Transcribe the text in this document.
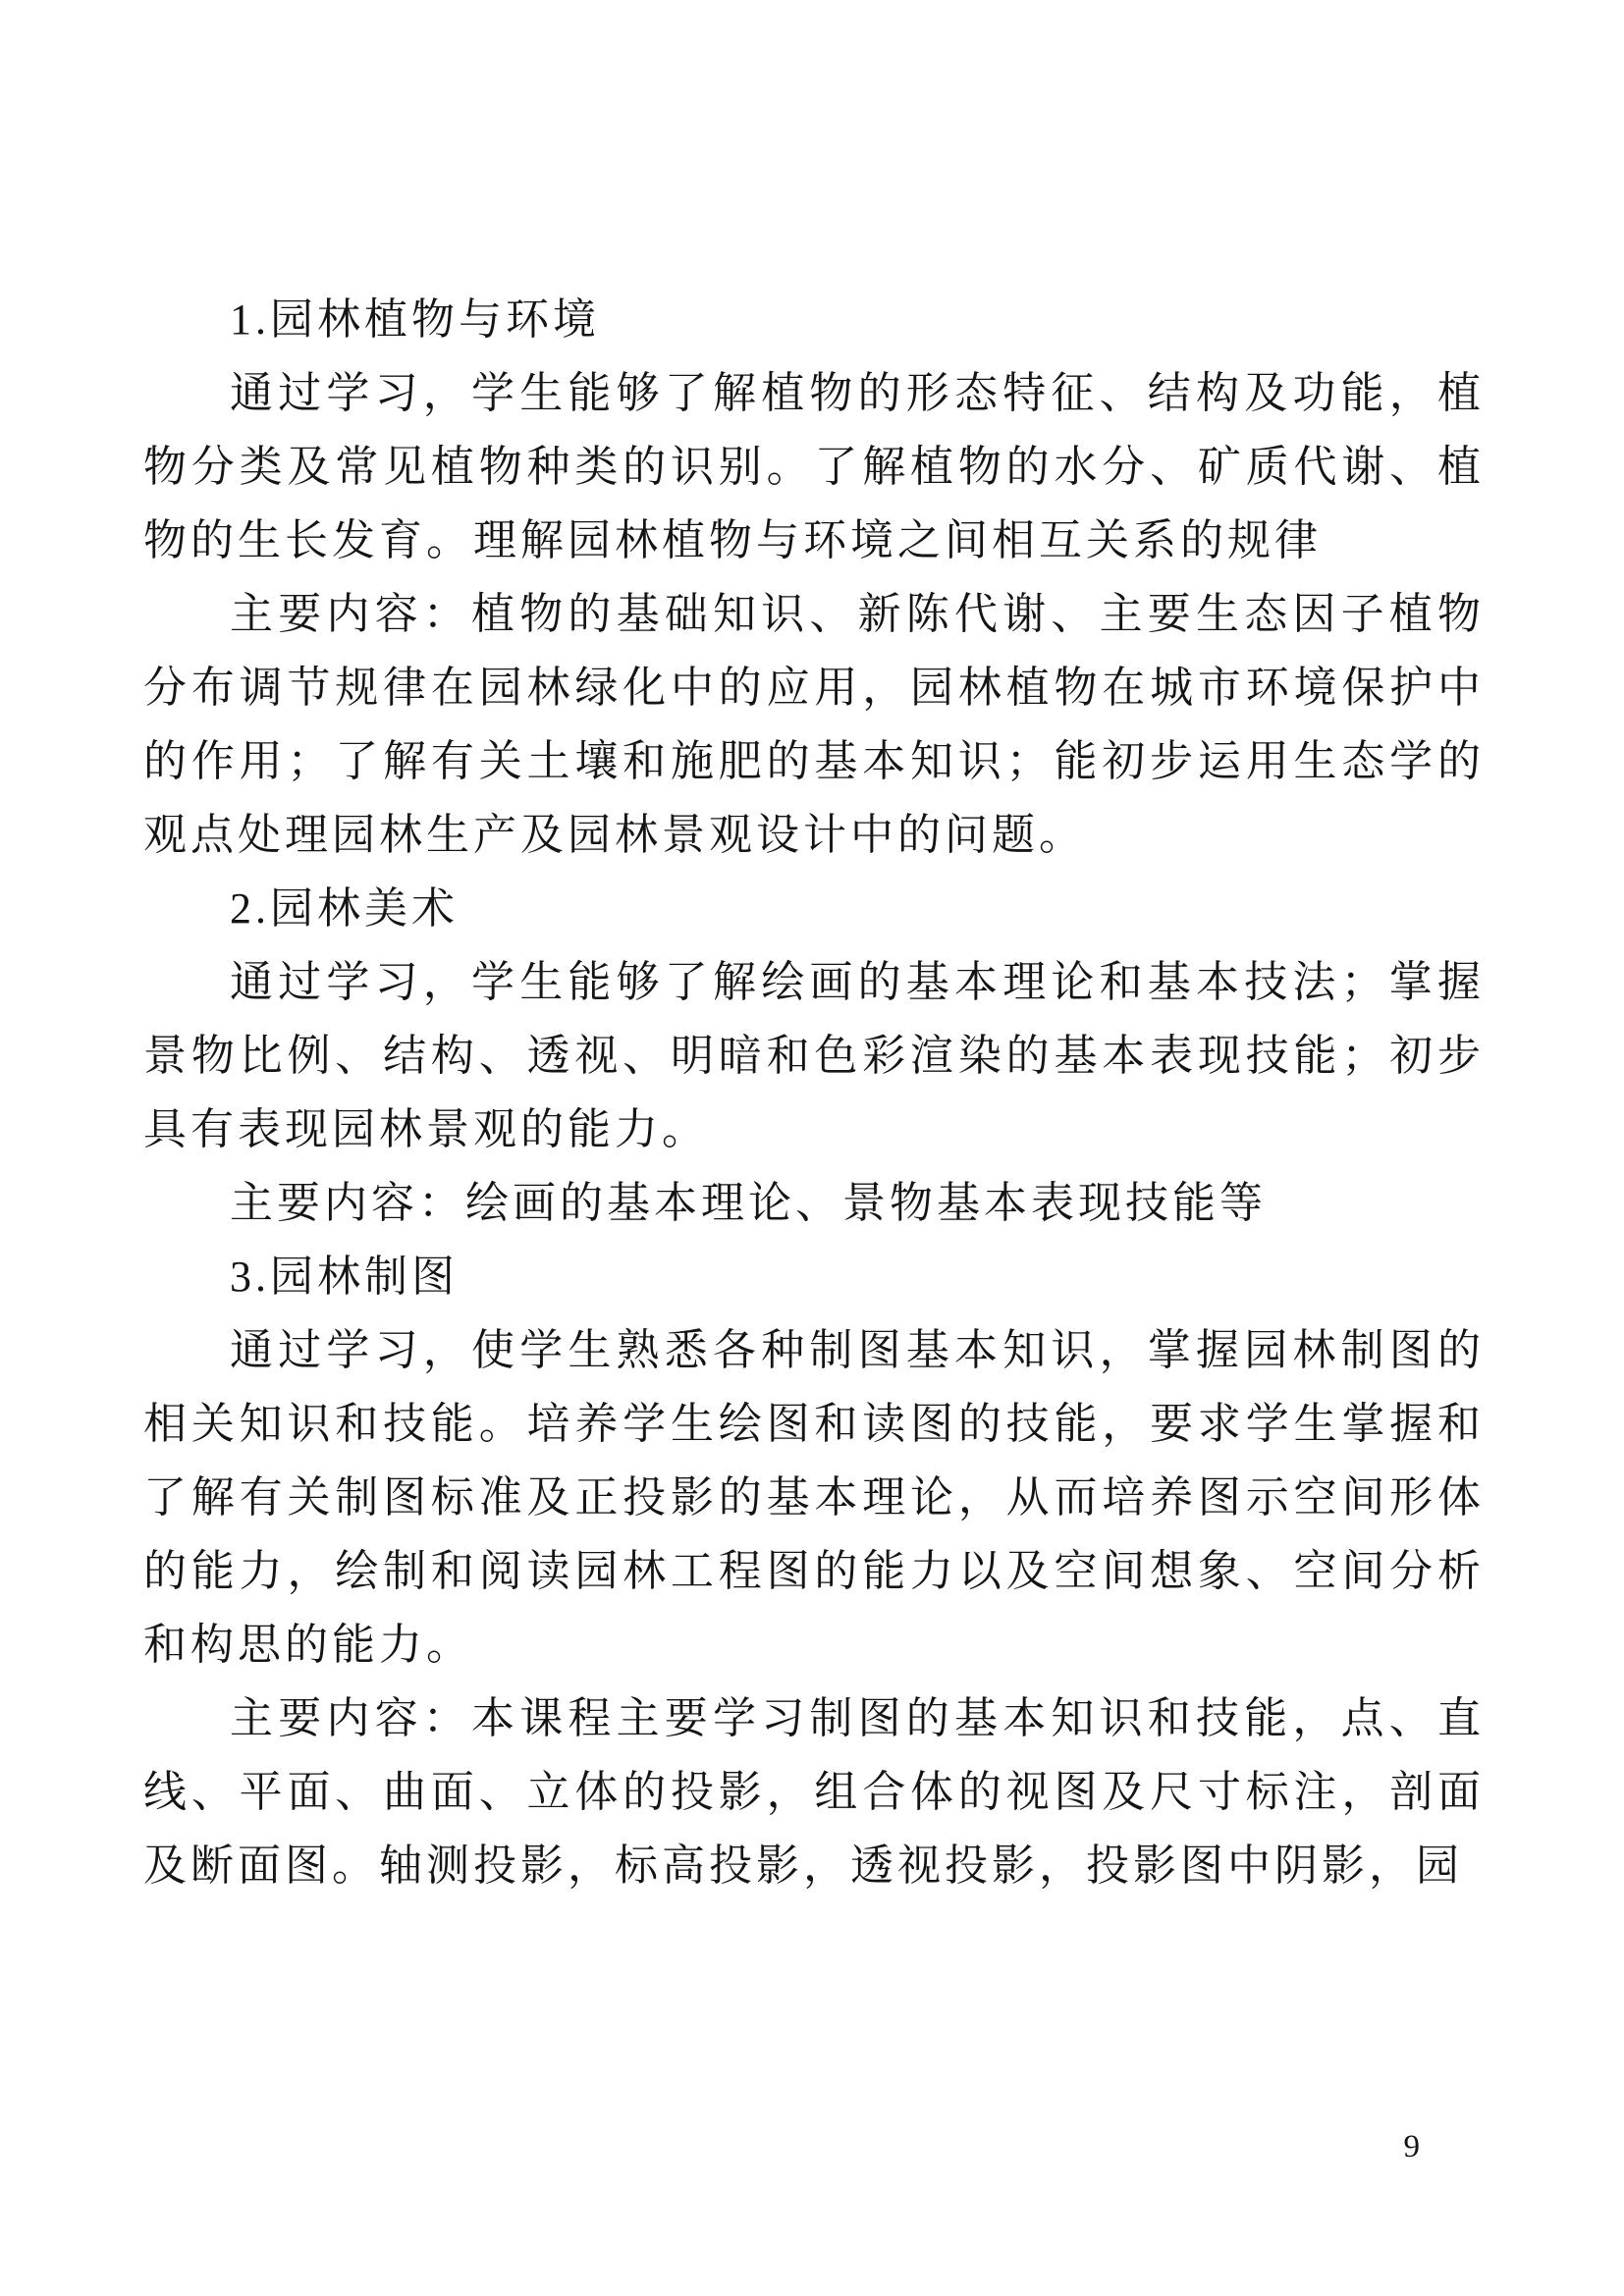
1.园林植物与环境

通过学习，学生能够了解植物的形态特征、结构及功能，植物分类及常见植物种类的识别。了解植物的水分、矿质代谢、植物的生长发育。理解园林植物与环境之间相互关系的规律

主要内容：植物的基础知识、新陈代谢、主要生态因子植物分布调节规律在园林绿化中的应用，园林植物在城市环境保护中的作用；了解有关土壤和施肥的基本知识；能初步运用生态学的观点处理园林生产及园林景观设计中的问题。

2.园林美术

通过学习，学生能够了解绘画的基本理论和基本技法；掌握景物比例、结构、透视、明暗和色彩渲染的基本表现技能；初步具有表现园林景观的能力。

主要内容：绘画的基本理论、景物基本表现技能等

3.园林制图

通过学习，使学生熟悉各种制图基本知识，掌握园林制图的相关知识和技能。培养学生绘图和读图的技能，要求学生掌握和了解有关制图标准及正投影的基本理论，从而培养图示空间形体的能力，绘制和阅读园林工程图的能力以及空间想象、空间分析和构思的能力。

主要内容：本课程主要学习制图的基本知识和技能，点、直线、平面、曲面、立体的投影，组合体的视图及尺寸标注，剖面及断面图。轴测投影，标高投影，透视投影，投影图中阴影，园

9
